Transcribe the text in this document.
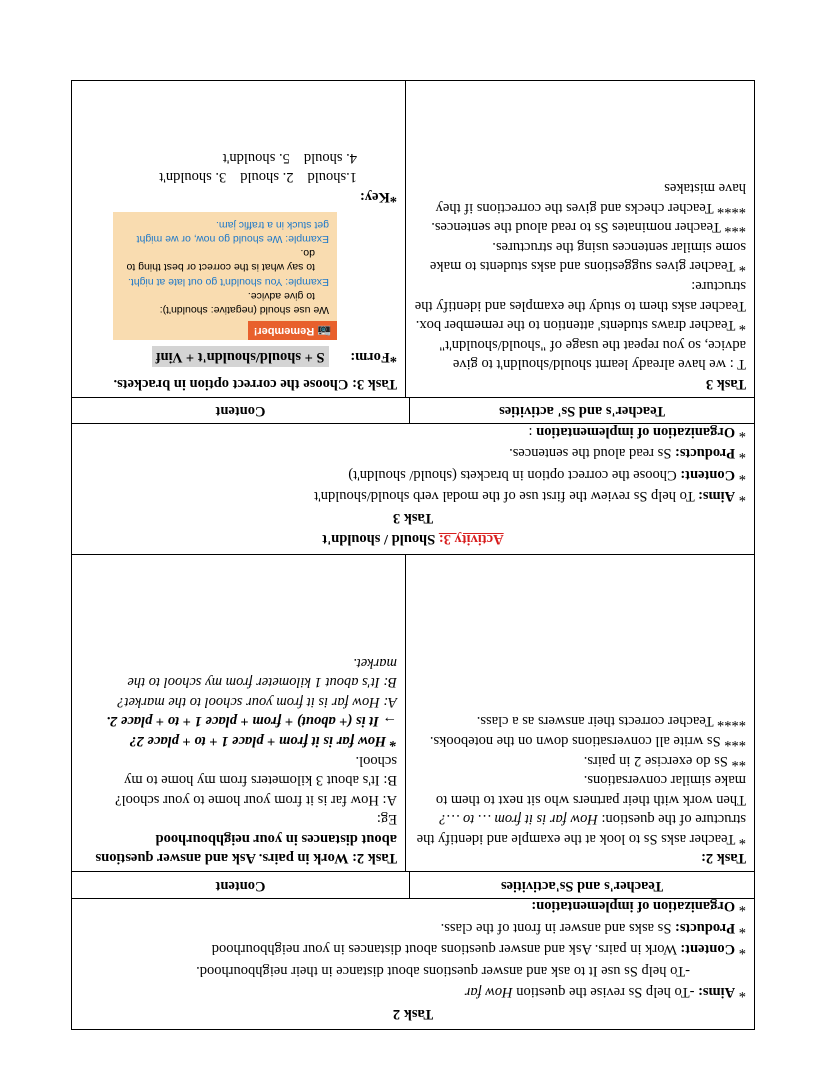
Task 2

* Aims: -To help Ss revise the question How far

-To help Ss use It to ask and answer questions about distance in their neighbourhood.

* Content: Work in pairs. Ask and answer questions about distances in your neighbourhood

* Products: Ss asks and answer in front of the class.

* Organization of implementation:

Teacher's and Ss'activities
Content

Task 2:

* Teacher asks Ss to look at the example and identify the structure of the question: How far is it from … to …?

Then work with their partners who sit next to them to make similar conversations.

** Ss do exercise 2 in pairs.

*** Ss write all conversations down on the notebooks.

**** Teacher corrects their answers as a class.

Task 2: Work in pairs. Ask and answer questions about distances in your neighbourhood

Eg:

A: How far is it from your home to your school?

B: It's about 3 kilometers from my home to my school.

* How far is it from + place 1 + to + place 2?

→ It is (+ about) + from + place 1 + to + place 2.

A: How far is it from your school to the market?

B: It's about 1 kilometer from my school to the market.

Activity 3: Should / shouldn't

Task 3

* Aims: To help Ss review the first use of the modal verb should/shouldn't

* Content: Choose the correct option in brackets (should/ shouldn't)

* Products: Ss read aloud the sentences.

* Organization of implementation :

Teacher's and Ss' activities
Content

Task 3

T : we have already learnt should/shouldn't to give advice, so you repeat the usage of "should/shouldn't"

* Teacher draws students' attention to the remember box. Teacher asks them to study the examples and identify the structure:

* Teacher gives suggestions and asks students to make some similar sentences using the structures.

*** Teacher nominates Ss to read aloud the sentences.

**** Teacher checks and gives the corrections if they have mistakes

Task 3: Choose the correct option in brackets.

*Form:      S + should/shouldn't + Vinf

📷 Remember!
We use should (negative: shouldn't):
to give advice.
Example: You shouldn't go out late at night.
to say what is the correct or best thing to do.
Example: We should go now, or we might get stuck in a traffic jam.

*Key:

1.should
2. should
3. shouldn't
4. should
5. shouldn't
